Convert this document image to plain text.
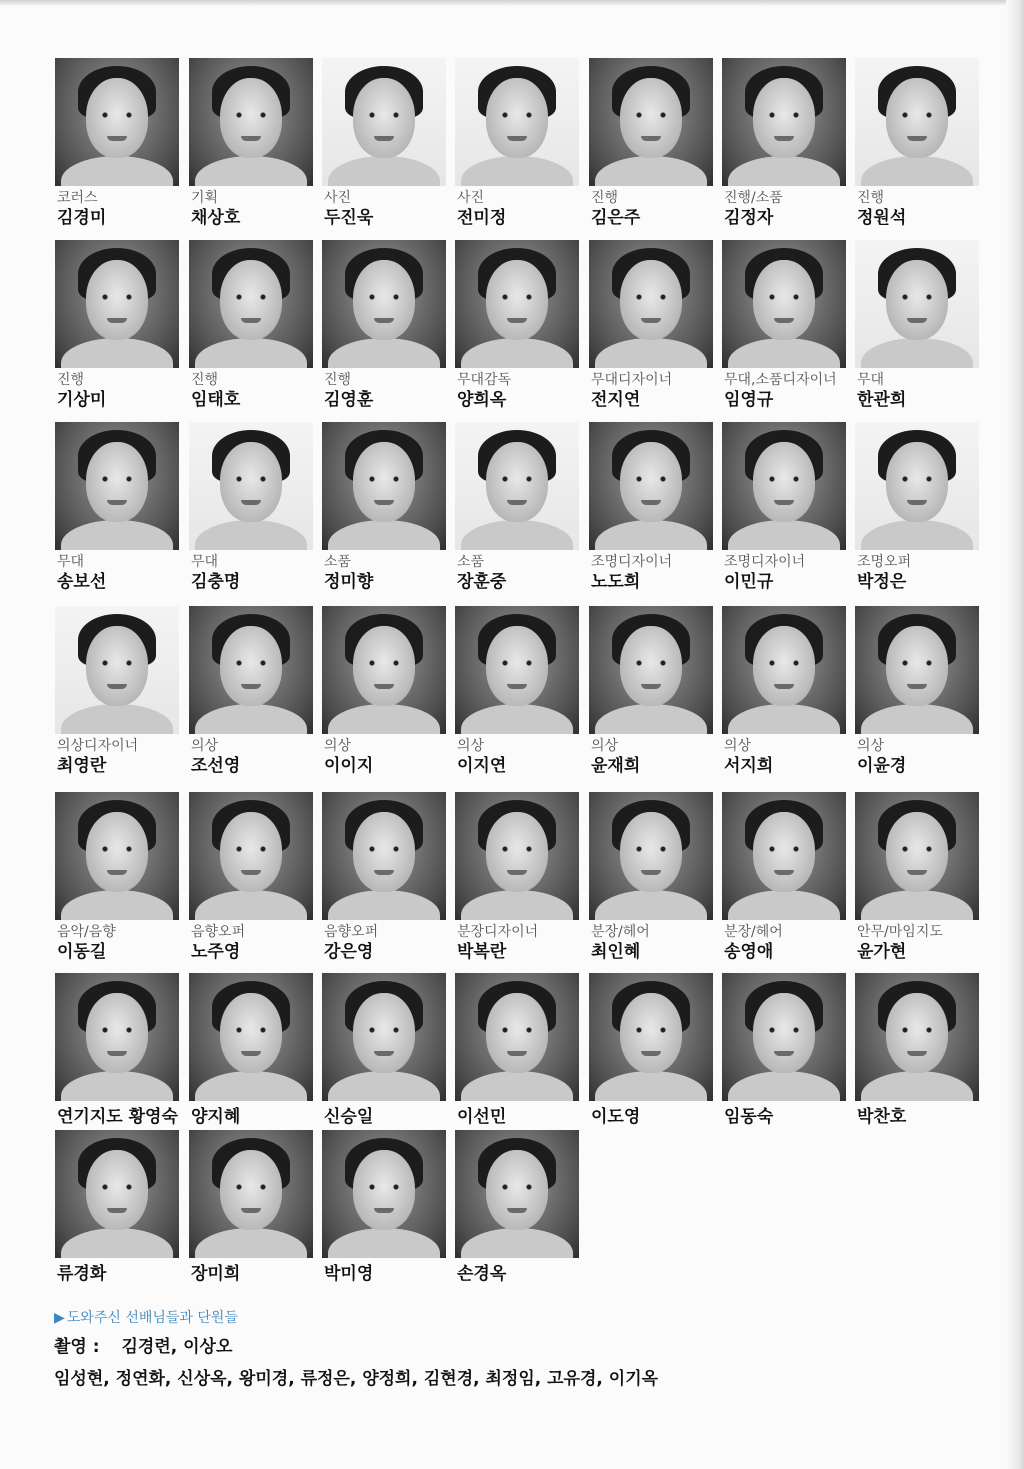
코러스
김경미
기획
채상호
사진
두진욱
사진
전미정
진행
김은주
진행/소품
김정자
진행
정원석
진행
기상미
진행
임태호
진행
김영훈
무대감독
양희옥
무대디자이너
전지연
무대,소품디자이너
임영규
무대
한관희
무대
송보선
무대
김충명
소품
정미향
소품
장훈중
조명디자이너
노도희
조명디자이너
이민규
조명오퍼
박정은
의상디자이너
최영란
의상
조선영
의상
이이지
의상
이지연
의상
윤재희
의상
서지희
의상
이윤경
음악/음향
이동길
음향오퍼
노주영
음향오퍼
강은영
분장디자이너
박복란
분장/헤어
최인혜
분장/헤어
송영애
안무/마임지도
윤가현
연기지도 황영숙 양지혜	신승일	이선민	이도영	임동숙	박찬호
류경화	장미희	박미영	손경옥
▶ 도와주신 선배님들과 단원들
촬영 : 김경련, 이상오
임성현, 정연화, 신상옥, 왕미경, 류정은, 양정희, 김현경, 최정임, 고유경, 이기옥
